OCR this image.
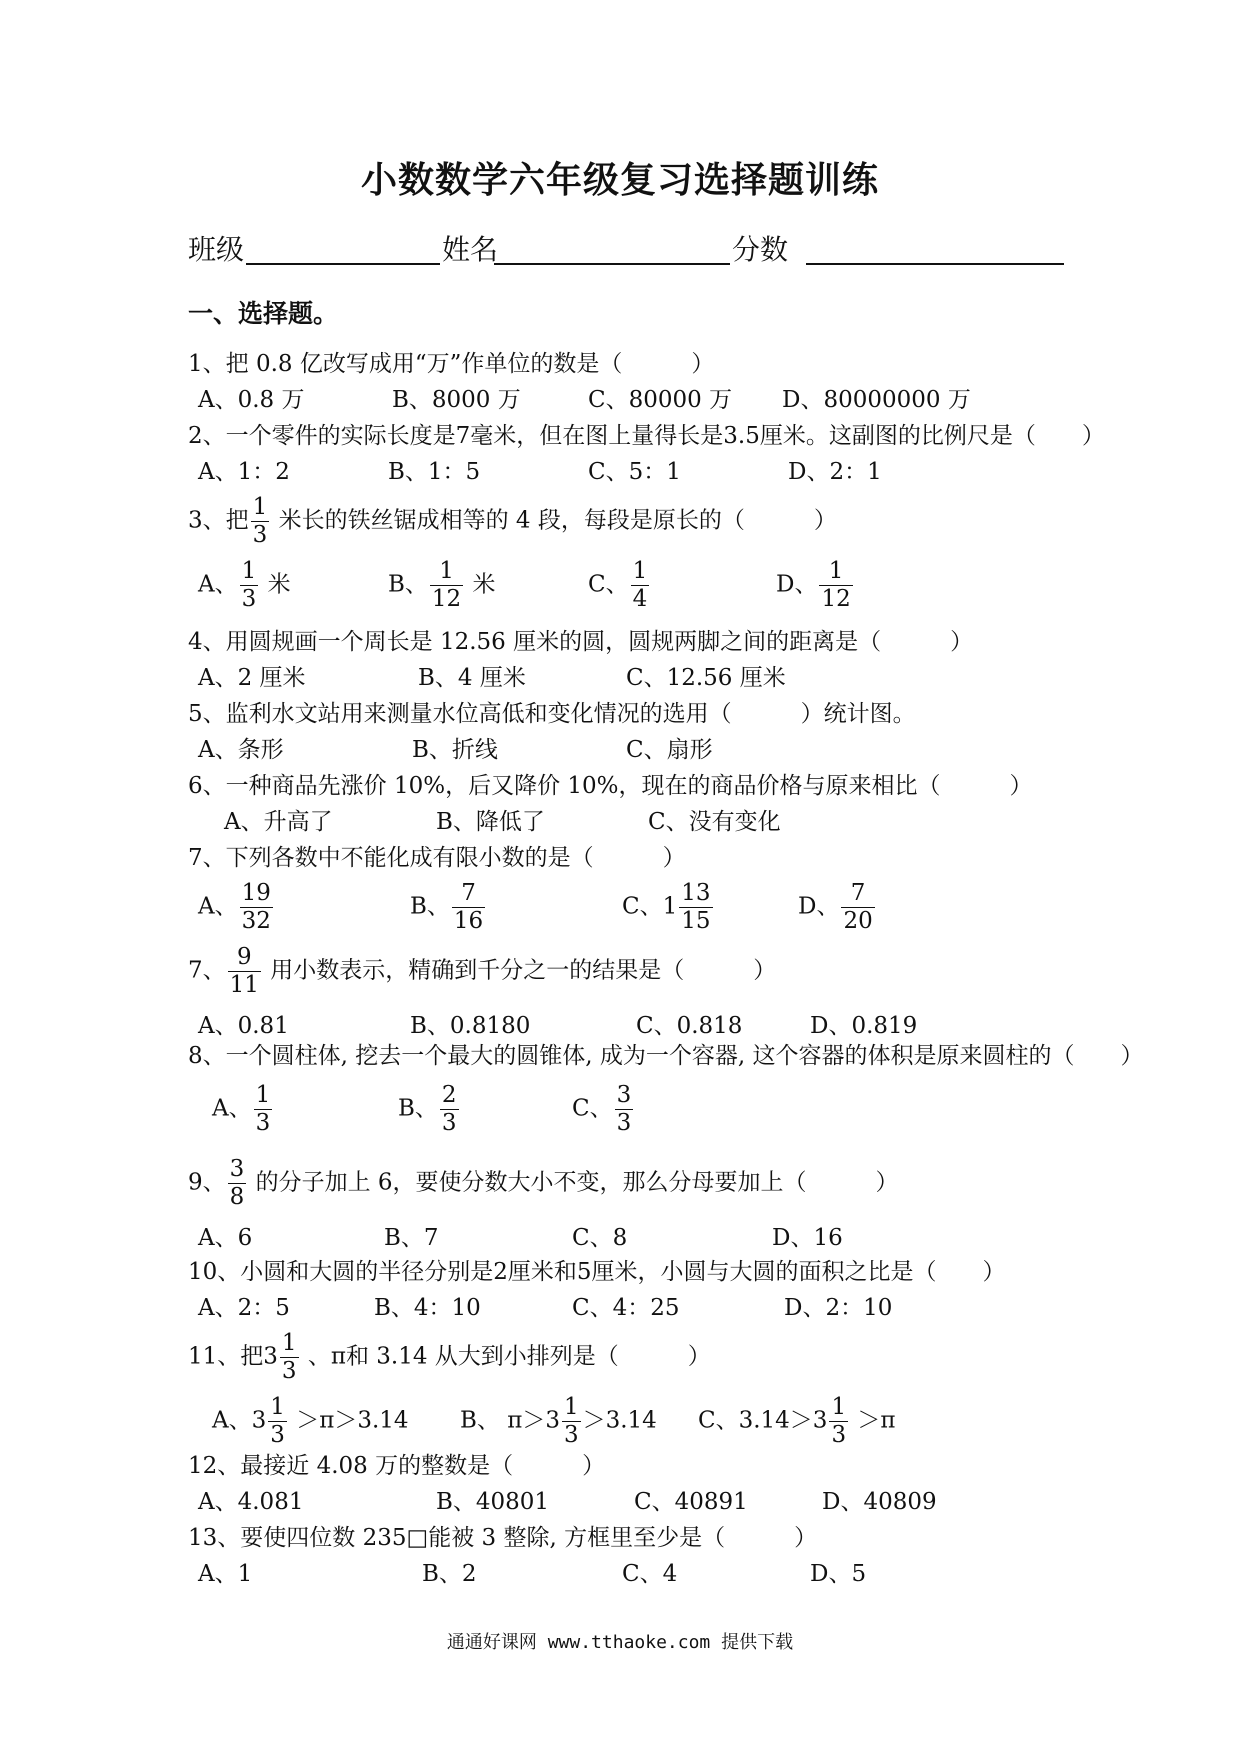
小数数学六年级复习选择题训练
班级	姓名	分数
一、选择题。
1、把 0.8 亿改写成用“万”作单位的数是（　　　）
A、0.8 万	B、8000 万	C、80000 万 D、80000000 万
2、一个零件的实际长度是7毫米，但在图上量得长是3.5厘米。这副图的比例尺是（　　）
A、1：2	B、1：5	C、5：1	D、2：1
3、把 $\frac{1}{3}$ 米长的铁丝锯成相等的 4 段，每段是原长的（　　　）
A、 $\frac{1}{3}$ 米	B、 $\frac{1}{12}$ 米	C、 $\frac{1}{4}$	D、 $\frac{1}{12}$
4、用圆规画一个周长是 12.56 厘米的圆，圆规两脚之间的距离是（　　　）
A、2 厘米	B、4 厘米	C、12.56 厘米
5、监利水文站用来测量水位高低和变化情况的选用（　　　）统计图。
A、条形	B、折线	C、扇形
6、一种商品先涨价 10%，后又降价 10%，现在的商品价格与原来相比（　　　）
A、升高了	B、降低了	C、没有变化
7、下列各数中不能化成有限小数的是（　　　）
A、 $\frac{19}{32}$	B、 $\frac{7}{16}$	C、$1 \frac{13}{15}$	D、 $\frac{7}{20}$
7、 $\frac{9}{11}$ 用小数表示，精确到千分之一的结果是（　　　）
A、0.81	B、0.8180	C、0.818	D、0.819
8、一个圆柱体, 挖去一个最大的圆锥体, 成为一个容器, 这个容器的体积是原来圆柱的（　　）
A、 $\frac{1}{3}$	B、 $\frac{2}{3}$	C、 $\frac{3}{3}$
9、 $\frac{3}{8}$ 的分子加上 6，要使分数大小不变，那么分母要加上（　　　）
A、6	B、7	C、8	D、16
10、小圆和大圆的半径分别是2厘米和5厘米，小圆与大圆的面积之比是（　　）
A、2：5	B、4：10	C、4：25	D、2：10
11、把$3 \frac{1}{3}$ 、π和 3.14 从大到小排列是（　　　）
A、$3 \frac{1}{3} >\pi>3.14$ B、 $\pi>3 \frac{1}{3} >3.14$ C、$3.14>3 \frac{1}{3} >\pi$
12、最接近 4.08 万的整数是（　　　）
A、4.081	B、40801	C、40891	D、40809
13、要使四位数 235□能被 3 整除, 方框里至少是（　　　）
A、1	B、2	C、4	D、5
通通好课网 www.tthaoke.com 提供下载
